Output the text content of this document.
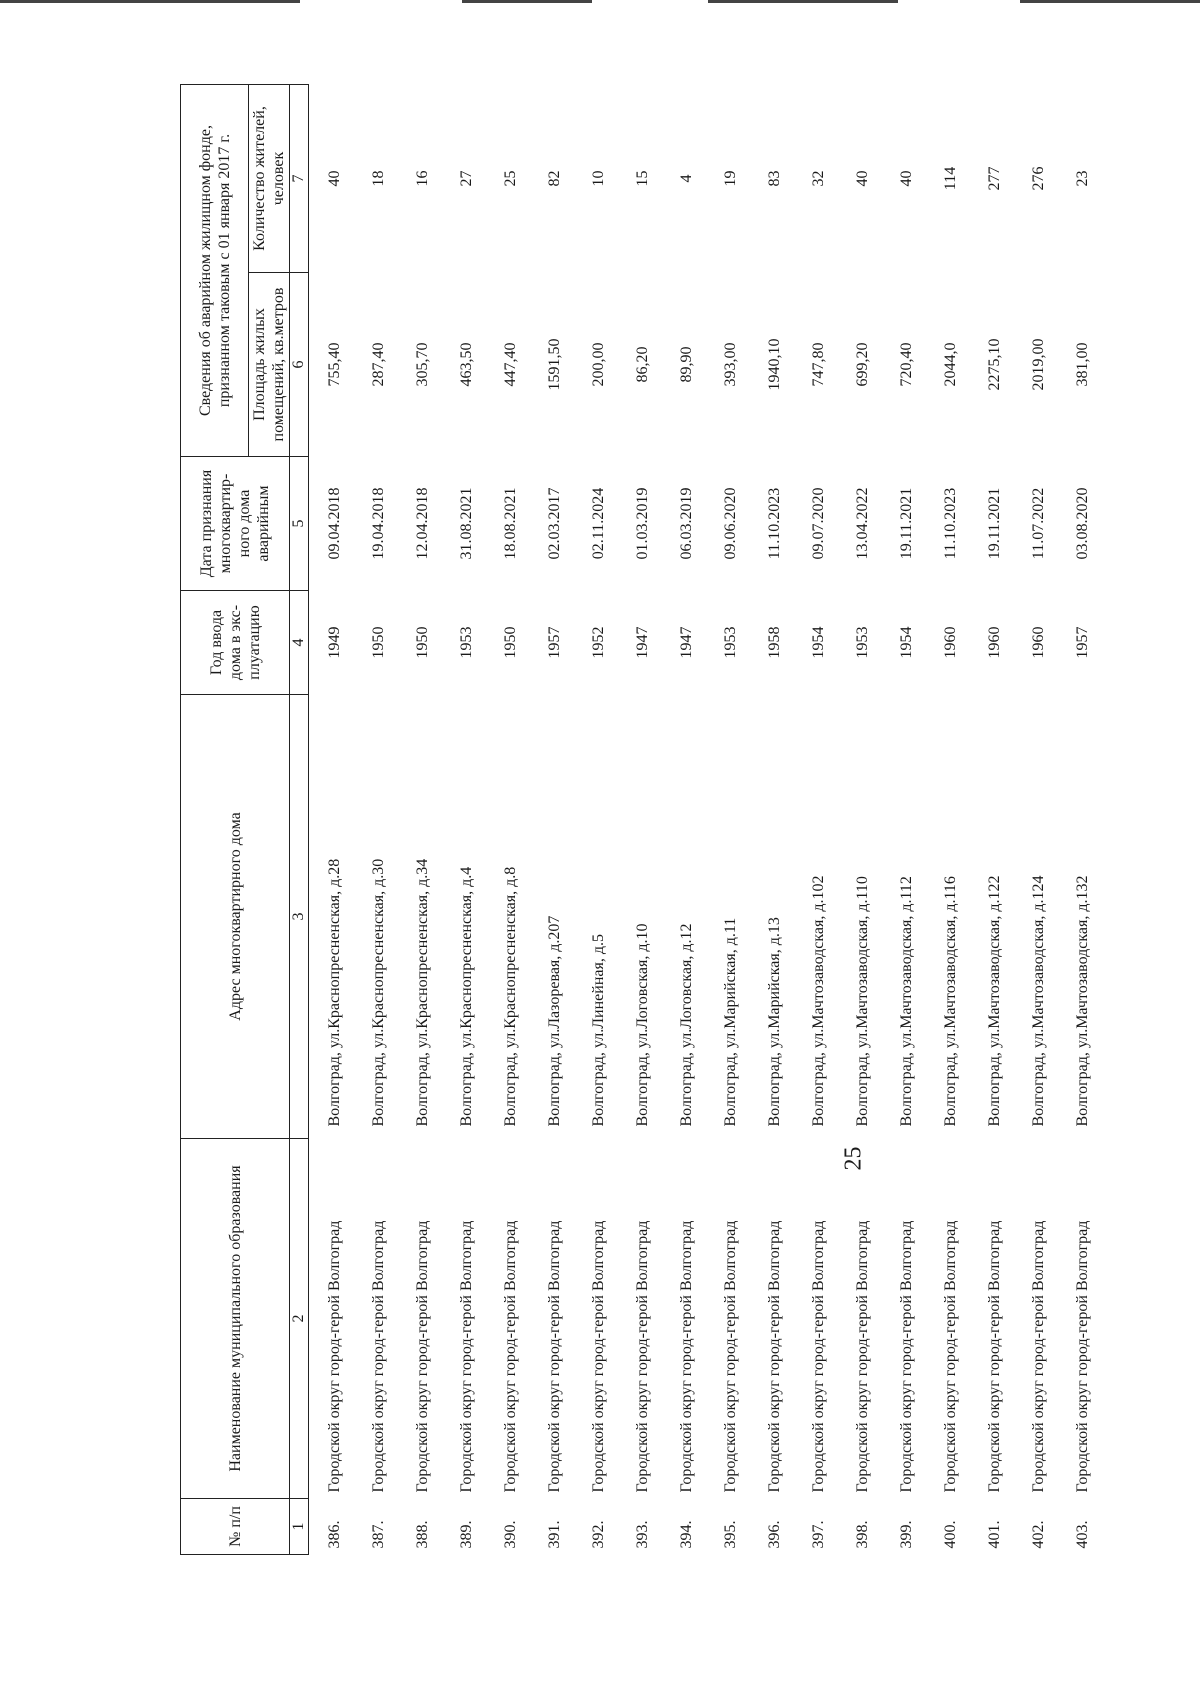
25
№ п/п	Наименование муниципального образования	Адрес многоквартирного дома	Год ввода дома в экс-плуатацию	Дата признания многоквартир-ного дома аварийным	Сведения об аварийном жилищном фонде, признанном таковым с 01 января 2017 г.	
					Площадь жилых помещений, кв.метров	Количество жителей, человек
1	2	3	4	5	6	7
386.	Городской округ город-герой Волгоград	Волгоград, ул.Краснопресненская, д.28	1949	09.04.2018	755,40	40
387.	Городской округ город-герой Волгоград	Волгоград, ул.Краснопресненская, д.30	1950	19.04.2018	287,40	18
388.	Городской округ город-герой Волгоград	Волгоград, ул.Краснопресненская, д.34	1950	12.04.2018	305,70	16
389.	Городской округ город-герой Волгоград	Волгоград, ул.Краснопресненская, д.4	1953	31.08.2021	463,50	27
390.	Городской округ город-герой Волгоград	Волгоград, ул.Краснопресненская, д.8	1950	18.08.2021	447,40	25
391.	Городской округ город-герой Волгоград	Волгоград, ул.Лазоревая, д.207	1957	02.03.2017	1591,50	82
392.	Городской округ город-герой Волгоград	Волгоград, ул.Линейная, д.5	1952	02.11.2024	200,00	10
393.	Городской округ город-герой Волгоград	Волгоград, ул.Логовская, д.10	1947	01.03.2019	86,20	15
394.	Городской округ город-герой Волгоград	Волгоград, ул.Логовская, д.12	1947	06.03.2019	89,90	4
395.	Городской округ город-герой Волгоград	Волгоград, ул.Марийская, д.11	1953	09.06.2020	393,00	19
396.	Городской округ город-герой Волгоград	Волгоград, ул.Марийская, д.13	1958	11.10.2023	1940,10	83
397.	Городской округ город-герой Волгоград	Волгоград, ул.Мачтозаводская, д.102	1954	09.07.2020	747,80	32
398.	Городской округ город-герой Волгоград	Волгоград, ул.Мачтозаводская, д.110	1953	13.04.2022	699,20	40
399.	Городской округ город-герой Волгоград	Волгоград, ул.Мачтозаводская, д.112	1954	19.11.2021	720,40	40
400.	Городской округ город-герой Волгоград	Волгоград, ул.Мачтозаводская, д.116	1960	11.10.2023	2044,0	114
401.	Городской округ город-герой Волгоград	Волгоград, ул.Мачтозаводская, д.122	1960	19.11.2021	2275,10	277
402.	Городской округ город-герой Волгоград	Волгоград, ул.Мачтозаводская, д.124	1960	11.07.2022	2019,00	276
403.	Городской округ город-герой Волгоград	Волгоград, ул.Мачтозаводская, д.132	1957	03.08.2020	381,00	23
